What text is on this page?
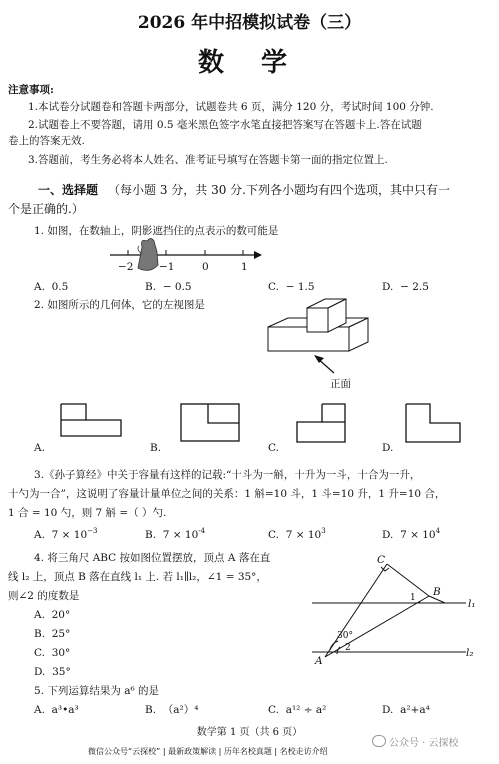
2026 年中招模拟试卷（三）
数 学
注意事项:
1.本试卷分试题卷和答题卡两部分，试题卷共 6 页，满分 120 分，考试时间 100 分钟.
2.试题卷上不要答题，请用 0.5 毫米黑色签字水笔直接把答案写在答题卡上.答在试题
卷上的答案无效.
3.答题前，考生务必将本人姓名、准考证号填写在答题卡第一面的指定位置上.
一、选择题 （每小题 3 分，共 30 分.下列各小题均有四个选项，其中只有一
个是正确的.）
1. 如图，在数轴上，阴影遮挡住的点表示的数可能是
−2 −1	0	1
A. 0.5	B. − 0.5	C. − 1.5	D. − 2.5
2. 如图所示的几何体，它的左视图是
正面
A.	B.	C.	D.
3.《孙子算经》中关于容量有这样的记载:“十斗为一斛，十升为一斗，十合为一升，
十勺为一合”，这说明了容量计量单位之间的关系：1 斛=10 斗，1 斗=10 升，1 升=10 合，
1 合 = 10 勺，则 7 斛 =（ ）勺.
A. $7 \times 10^{-3}$	B. $7 \times 10^{-4}$	C. $7 \times 10^3$	D. $7 \times 10^4$
4. 将三角尺 ABC 按如图位置摆放，顶点 A 落在直
线 l₂ 上，顶点 B 落在直线 l₁ 上. 若 l₁∥l₂，∠1 = 35°，
则∠2 的度数是
A. 20°
B. 25°
C. 30°
D. 35°
C
B
A
l₁
l₂
1
2
30°
5. 下列运算结果为 a⁶ 的是
A. a³•a³	B. （a²）⁴	C. a¹² ÷ a²	D. a²+a⁴
数学第 1 页（共 6 页）
微信公众号“云探校” | 最新政策解读 | 历年名校真题 | 名校走访介绍
公众号 · 云探校
